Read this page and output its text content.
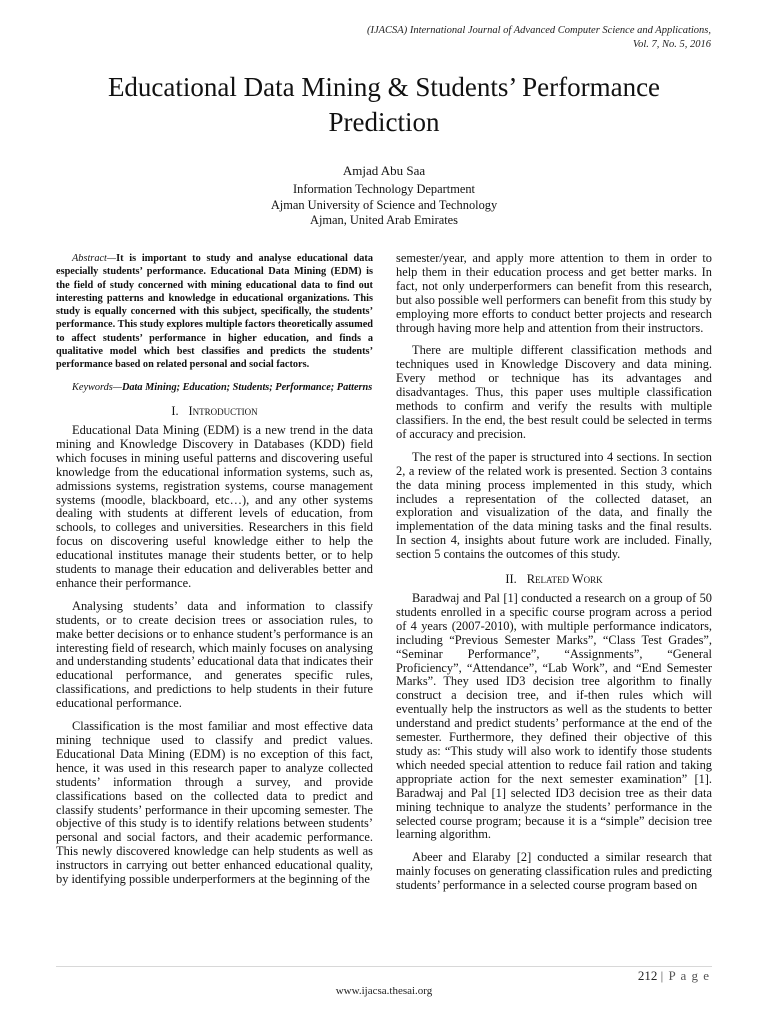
(IJACSA) International Journal of Advanced Computer Science and Applications,
Vol. 7, No. 5, 2016
Educational Data Mining & Students’ Performance
Prediction
Amjad Abu Saa
Information Technology Department
Ajman University of Science and Technology
Ajman, United Arab Emirates

Abstract—It is important to study and analyse educational data especially students’ performance. Educational Data Mining (EDM) is the field of study concerned with mining educational data to find out interesting patterns and knowledge in educational organizations. This study is equally concerned with this subject, specifically, the students’ performance. This study explores multiple factors theoretically assumed to affect students’ performance in higher education, and finds a qualitative model which best classifies and predicts the students’ performance based on related personal and social factors.

Keywords—Data Mining; Education; Students; Performance; Patterns

I. Introduction

Educational Data Mining (EDM) is a new trend in the data mining and Knowledge Discovery in Databases (KDD) field which focuses in mining useful patterns and discovering useful knowledge from the educational information systems, such as, admissions systems, registration systems, course management systems (moodle, blackboard, etc…), and any other systems dealing with students at different levels of education, from schools, to colleges and universities. Researchers in this field focus on discovering useful knowledge either to help the educational institutes manage their students better, or to help students to manage their education and deliverables better and enhance their performance.

Analysing students’ data and information to classify students, or to create decision trees or association rules, to make better decisions or to enhance student’s performance is an interesting field of research, which mainly focuses on analysing and understanding students’ educational data that indicates their educational performance, and generates specific rules, classifications, and predictions to help students in their future educational performance.

Classification is the most familiar and most effective data mining technique used to classify and predict values. Educational Data Mining (EDM) is no exception of this fact, hence, it was used in this research paper to analyze collected students’ information through a survey, and provide classifications based on the collected data to predict and classify students’ performance in their upcoming semester. The objective of this study is to identify relations between students’ personal and social factors, and their academic performance. This newly discovered knowledge can help students as well as instructors in carrying out better enhanced educational quality, by identifying possible underperformers at the beginning of the

semester/year, and apply more attention to them in order to help them in their education process and get better marks. In fact, not only underperformers can benefit from this research, but also possible well performers can benefit from this study by employing more efforts to conduct better projects and research through having more help and attention from their instructors.

There are multiple different classification methods and techniques used in Knowledge Discovery and data mining. Every method or technique has its advantages and disadvantages. Thus, this paper uses multiple classification methods to confirm and verify the results with multiple classifiers. In the end, the best result could be selected in terms of accuracy and precision.

The rest of the paper is structured into 4 sections. In section 2, a review of the related work is presented. Section 3 contains the data mining process implemented in this study, which includes a representation of the collected dataset, an exploration and visualization of the data, and finally the implementation of the data mining tasks and the final results. In section 4, insights about future work are included. Finally, section 5 contains the outcomes of this study.

II. Related Work

Baradwaj and Pal [1] conducted a research on a group of 50 students enrolled in a specific course program across a period of 4 years (2007-2010), with multiple performance indicators, including “Previous Semester Marks”, “Class Test Grades”, “Seminar Performance”, “Assignments”, “General Proficiency”, “Attendance”, “Lab Work”, and “End Semester Marks”. They used ID3 decision tree algorithm to finally construct a decision tree, and if-then rules which will eventually help the instructors as well as the students to better understand and predict students’ performance at the end of the semester. Furthermore, they defined their objective of this study as: “This study will also work to identify those students which needed special attention to reduce fail ration and taking appropriate action for the next semester examination” [1]. Baradwaj and Pal [1] selected ID3 decision tree as their data mining technique to analyze the students’ performance in the selected course program; because it is a “simple” decision tree learning algorithm.

Abeer and Elaraby [2] conducted a similar research that mainly focuses on generating classification rules and predicting students’ performance in a selected course program based on

212 | P a g e
www.ijacsa.thesai.org
